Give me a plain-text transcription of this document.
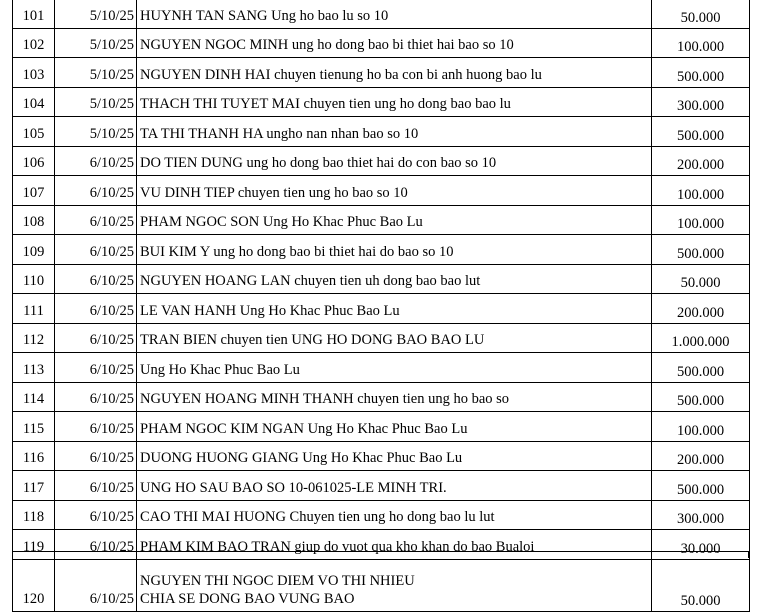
101	5/10/25	HUYNH TAN SANG Ung ho bao lu so 10	50.000
102	5/10/25	NGUYEN NGOC MINH ung ho dong bao bi thiet hai bao so 10	100.000
103	5/10/25	NGUYEN DINH HAI chuyen tienung ho ba con bi anh huong bao lu	500.000
104	5/10/25	THACH THI TUYET MAI chuyen tien ung ho dong bao bao lu	300.000
105	5/10/25	TA THI THANH HA ungho nan nhan bao so 10	500.000
106	6/10/25	DO TIEN DUNG ung ho dong bao thiet hai do con bao so 10	200.000
107	6/10/25	VU DINH TIEP chuyen tien ung ho bao so 10	100.000
108	6/10/25	PHAM NGOC SON Ung Ho Khac Phuc Bao Lu	100.000
109	6/10/25	BUI KIM Y ung ho dong bao bi thiet hai do bao so 10	500.000
110	6/10/25	NGUYEN HOANG LAN chuyen tien uh dong bao bao lut	50.000
111	6/10/25	LE VAN HANH Ung Ho Khac Phuc Bao Lu	200.000
112	6/10/25	TRAN BIEN chuyen tien UNG HO DONG BAO BAO LU	1.000.000
113	6/10/25	Ung Ho Khac Phuc Bao Lu	500.000
114	6/10/25	NGUYEN HOANG MINH THANH chuyen tien ung ho bao so	500.000
115	6/10/25	PHAM NGOC KIM NGAN Ung Ho Khac Phuc Bao Lu	100.000
116	6/10/25	DUONG HUONG GIANG Ung Ho Khac Phuc Bao Lu	200.000
117	6/10/25	UNG HO SAU BAO SO 10-061025-LE MINH TRI.	500.000
118	6/10/25	CAO THI MAI HUONG Chuyen tien ung ho dong bao lu lut	300.000
119	6/10/25	PHAM KIM BAO TRAN giup do vuot qua kho khan do bao Bualoi	30.000
120	6/10/25	NGUYEN THI NGOC DIEM VO THI NHIEU
CHIA SE DONG BAO VUNG BAO	50.000
